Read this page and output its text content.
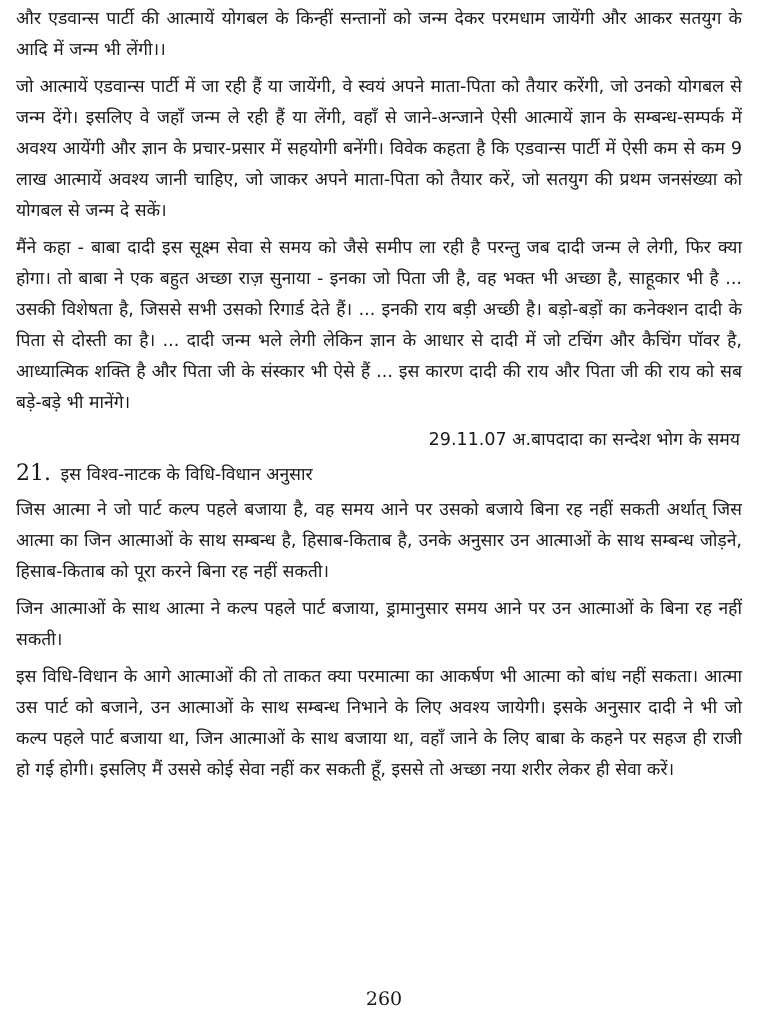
और एडवान्स पार्टी की आत्मायें योगबल के किन्हीं सन्तानों को जन्म देकर परमधाम जायेंगी और आकर सतयुग के आदि में जन्म भी लेंगी।।

जो आत्मायें एडवान्स पार्टी में जा रही हैं या जायेंगी, वे स्वयं अपने माता-पिता को तैयार करेंगी, जो उनको योगबल से जन्म देंगे। इसलिए वे जहाँ जन्म ले रही हैं या लेंगी, वहाँ से जाने-अन्जाने ऐसी आत्मायें ज्ञान के सम्बन्ध-सम्पर्क में अवश्य आयेंगी और ज्ञान के प्रचार-प्रसार में सहयोगी बनेंगी। विवेक कहता है कि एडवान्स पार्टी में ऐसी कम से कम 9 लाख आत्मायें अवश्य जानी चाहिए, जो जाकर अपने माता-पिता को तैयार करें, जो सतयुग की प्रथम जनसंख्या को योगबल से जन्म दे सकें।

मैंने कहा - बाबा दादी इस सूक्ष्म सेवा से समय को जैसे समीप ला रही है परन्तु जब दादी जन्म ले लेगी, फिर क्या होगा। तो बाबा ने एक बहुत अच्छा राज़ सुनाया - इनका जो पिता जी है, वह भक्त भी अच्छा है, साहूकार भी है ... उसकी विशेषता है, जिससे सभी उसको रिगार्ड देते हैं। ... इनकी राय बड़ी अच्छी है। बड़ो-बड़ों का कनेक्शन दादी के पिता से दोस्ती का है। ... दादी जन्म भले लेगी लेकिन ज्ञान के आधार से दादी में जो टचिंग और कैचिंग पॉवर है, आध्यात्मिक शक्ति है और पिता जी के संस्कार भी ऐसे हैं ... इस कारण दादी की राय और पिता जी की राय को सब बड़े-बड़े भी मानेंगे।

29.11.07 अ.बापदादा का सन्देश भोग के समय
21. इस विश्व-नाटक के विधि-विधान अनुसार

जिस आत्मा ने जो पार्ट कल्प पहले बजाया है, वह समय आने पर उसको बजाये बिना रह नहीं सकती अर्थात् जिस आत्मा का जिन आत्माओं के साथ सम्बन्ध है, हिसाब-किताब है, उनके अनुसार उन आत्माओं के साथ सम्बन्ध जोड़ने, हिसाब-किताब को पूरा करने बिना रह नहीं सकती।

जिन आत्माओं के साथ आत्मा ने कल्प पहले पार्ट बजाया, ड्रामानुसार समय आने पर उन आत्माओं के बिना रह नहीं सकती।

इस विधि-विधान के आगे आत्माओं की तो ताकत क्या परमात्मा का आकर्षण भी आत्मा को बांध नहीं सकता। आत्मा उस पार्ट को बजाने, उन आत्माओं के साथ सम्बन्ध निभाने के लिए अवश्य जायेगी। इसके अनुसार दादी ने भी जो कल्प पहले पार्ट बजाया था, जिन आत्माओं के साथ बजाया था, वहाँ जाने के लिए बाबा के कहने पर सहज ही राजी हो गई होगी। इसलिए मैं उससे कोई सेवा नहीं कर सकती हूँ, इससे तो अच्छा नया शरीर लेकर ही सेवा करें।

260
